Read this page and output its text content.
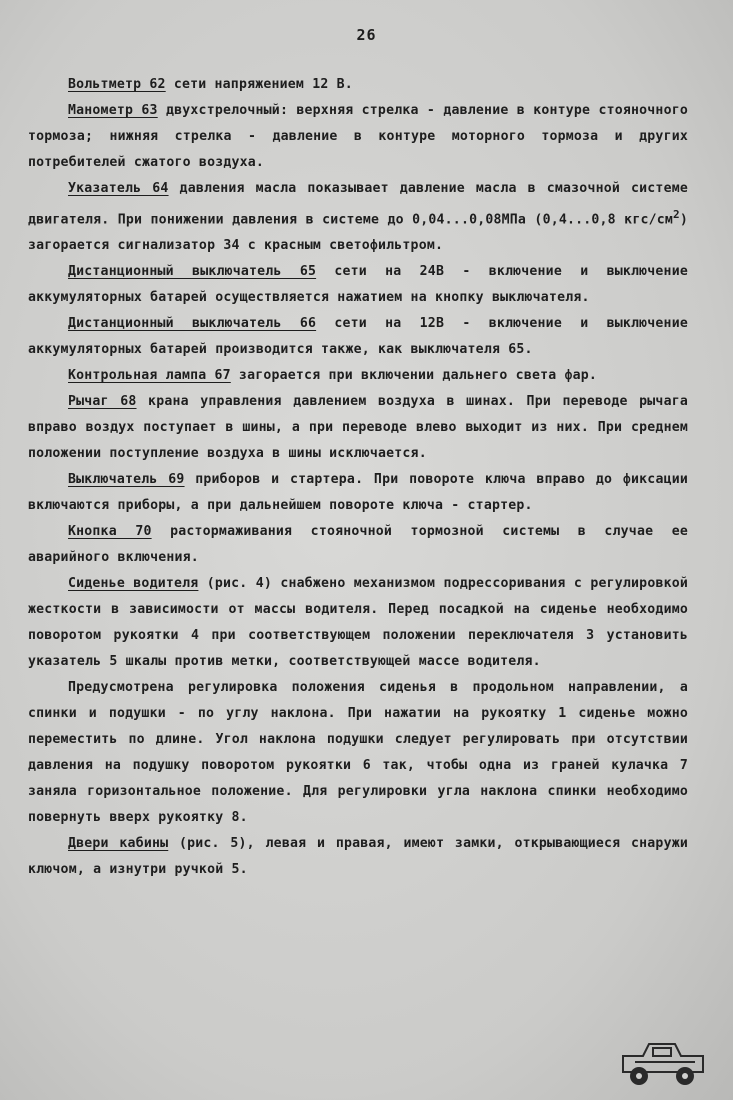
26

Вольтметр 62 сети напряжением 12 В.

Манометр 63 двухстрелочный: верхняя стрелка - давление в контуре стояночного тормоза; нижняя стрелка - давление в контуре моторного тормоза и других потребителей сжатого воздуха.

Указатель 64 давления масла показывает давление масла в смазочной системе двигателя. При понижении давления в системе до 0,04...0,08МПа (0,4...0,8 кгс/$см^2$) загорается сигнализатор 34 с красным светофильтром.

Дистанционный выключатель 65 сети на 24В - включение и выключение аккумуляторных батарей осуществляется нажатием на кнопку выключателя.

Дистанционный выключатель 66 сети на 12В - включение и выключение аккумуляторных батарей производится также, как выключателя 65.

Контрольная лампа 67 загорается при включении дальнего света фар.

Рычаг 68 крана управления давлением воздуха в шинах. При переводе рычага вправо воздух поступает в шины, а при переводе влево выходит из них. При среднем положении поступление воздуха в шины исключается.

Выключатель 69 приборов и стартера. При повороте ключа вправо до фиксации включаются приборы, а при дальнейшем повороте ключа - стартер.

Кнопка 70 растормаживания стояночной тормозной системы в случае ее аварийного включения.

Сиденье водителя (рис. 4) снабжено механизмом подрессоривания с регулировкой жесткости в зависимости от массы водителя. Перед посадкой на сиденье необходимо поворотом рукоятки 4 при соответствующем положении переключателя 3 установить указатель 5 шкалы против метки, соответствующей массе водителя.

Предусмотрена регулировка положения сиденья в продольном направлении, а спинки и подушки - по углу наклона. При нажатии на рукоятку 1 сиденье можно переместить по длине. Угол наклона подушки следует регулировать при отсутствии давления на подушку поворотом рукоятки 6 так, чтобы одна из граней кулачка 7 заняла горизонтальное положение. Для регулировки угла наклона спинки необходимо повернуть вверх рукоятку 8.

Двери кабины (рис. 5), левая и правая, имеют замки, открывающиеся снаружи ключом, а изнутри ручкой 5.
